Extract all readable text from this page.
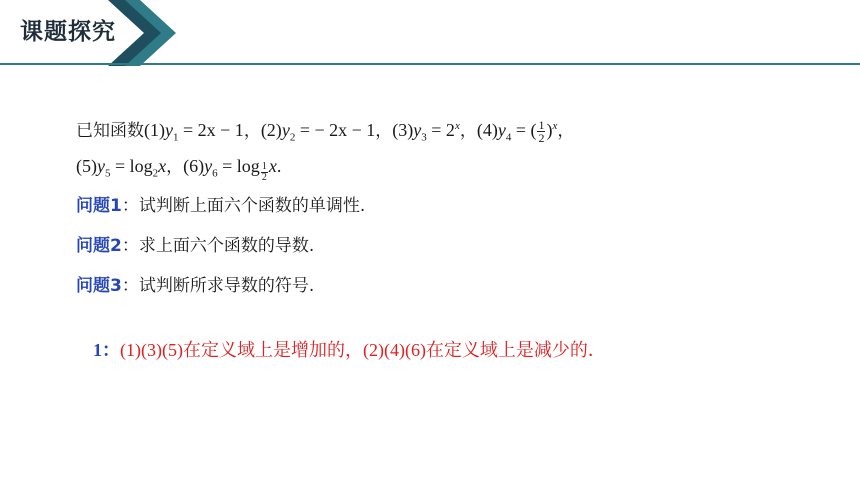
课题探究
已知函数$(1)y_1 = 2x - 1$，$(2)y_2$ = − 2x − 1，$(3)y_3 = 2^x$，$(4)y_4$ = ( $\frac{1}{2} )^x$，
$(5)y_5 = \log_2x$，$(6)y_6 = \log \frac{1}{2} x$.
问题1：试判断上面六个函数的单调性.
问题2：求上面六个函数的导数.
问题3：试判断所求导数的符号.
1：(1)(3)(5)在定义域上是增加的，(2)(4)(6)在定义域上是减少的．
